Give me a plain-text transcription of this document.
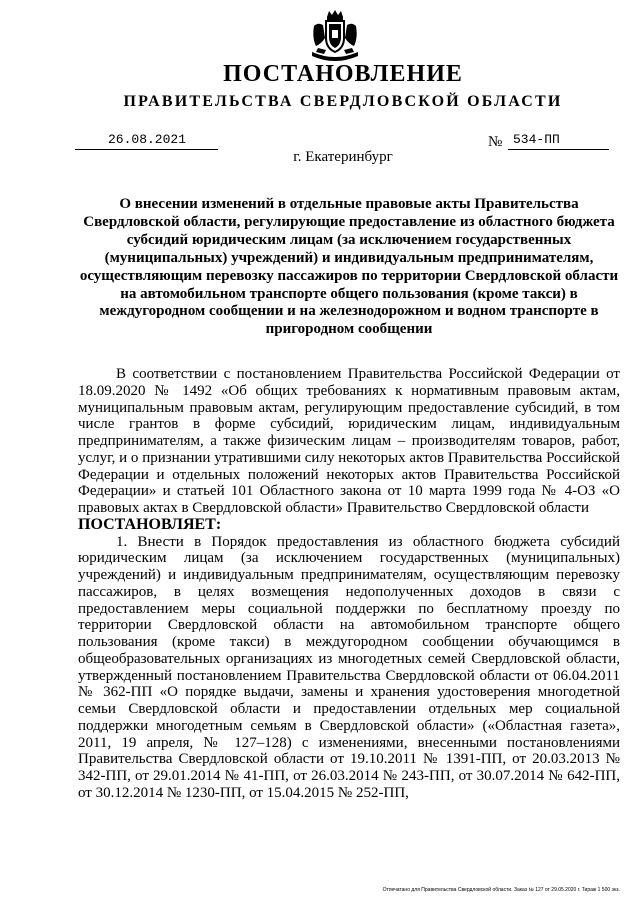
ПОСТАНОВЛЕНИЕ
ПРАВИТЕЛЬСТВА СВЕРДЛОВСКОЙ ОБЛАСТИ
26.08.2021	№ 534-ПП
г. Екатеринбург
О внесении изменений в отдельные правовые акты Правительства Свердловской области, регулирующие предоставление из областного бюджета субсидий юридическим лицам (за исключением государственных (муниципальных) учреждений) и индивидуальным предпринимателям, осуществляющим перевозку пассажиров по территории Свердловской области на автомобильном транспорте общего пользования (кроме такси) в междугородном сообщении и на железнодорожном и водном транспорте в пригородном сообщении

В соответствии с постановлением Правительства Российской Федерации от 18.09.2020 № 1492 «Об общих требованиях к нормативным правовым актам, муниципальным правовым актам, регулирующим предоставление субсидий, в том числе грантов в форме субсидий, юридическим лицам, индивидуальным предпринимателям, а также физическим лицам – производителям товаров, работ, услуг, и о признании утратившими силу некоторых актов Правительства Российской Федерации и отдельных положений некоторых актов Правительства Российской Федерации» и статьей 101 Областного закона от 10 марта 1999 года № 4-ОЗ «О правовых актах в Свердловской области» Правительство Свердловской области

ПОСТАНОВЛЯЕТ:

1. Внести в Порядок предоставления из областного бюджета субсидий юридическим лицам (за исключением государственных (муниципальных) учреждений) и индивидуальным предпринимателям, осуществляющим перевозку пассажиров, в целях возмещения недополученных доходов в связи с предоставлением меры социальной поддержки по бесплатному проезду по территории Свердловской области на автомобильном транспорте общего пользования (кроме такси) в междугородном сообщении обучающимся в общеобразовательных организациях из многодетных семей Свердловской области, утвержденный постановлением Правительства Свердловской области от 06.04.2011 № 362-ПП «О порядке выдачи, замены и хранения удостоверения многодетной семьи Свердловской области и предоставлении отдельных мер социальной поддержки многодетным семьям в Свердловской области» («Областная газета», 2011, 19 апреля, № 127–128) с изменениями, внесенными постановлениями Правительства Свердловской области от 19.10.2011 № 1391-ПП, от 20.03.2013 № 342-ПП, от 29.01.2014 № 41-ПП, от 26.03.2014 № 243-ПП, от 30.07.2014 № 642-ПП, от 30.12.2014 № 1230-ПП, от 15.04.2015 № 252-ПП,

Отпечатано для Правительства Свердловской области. Заказ № 127 от 29.05.2020 г. Тираж 1 500 экз.
